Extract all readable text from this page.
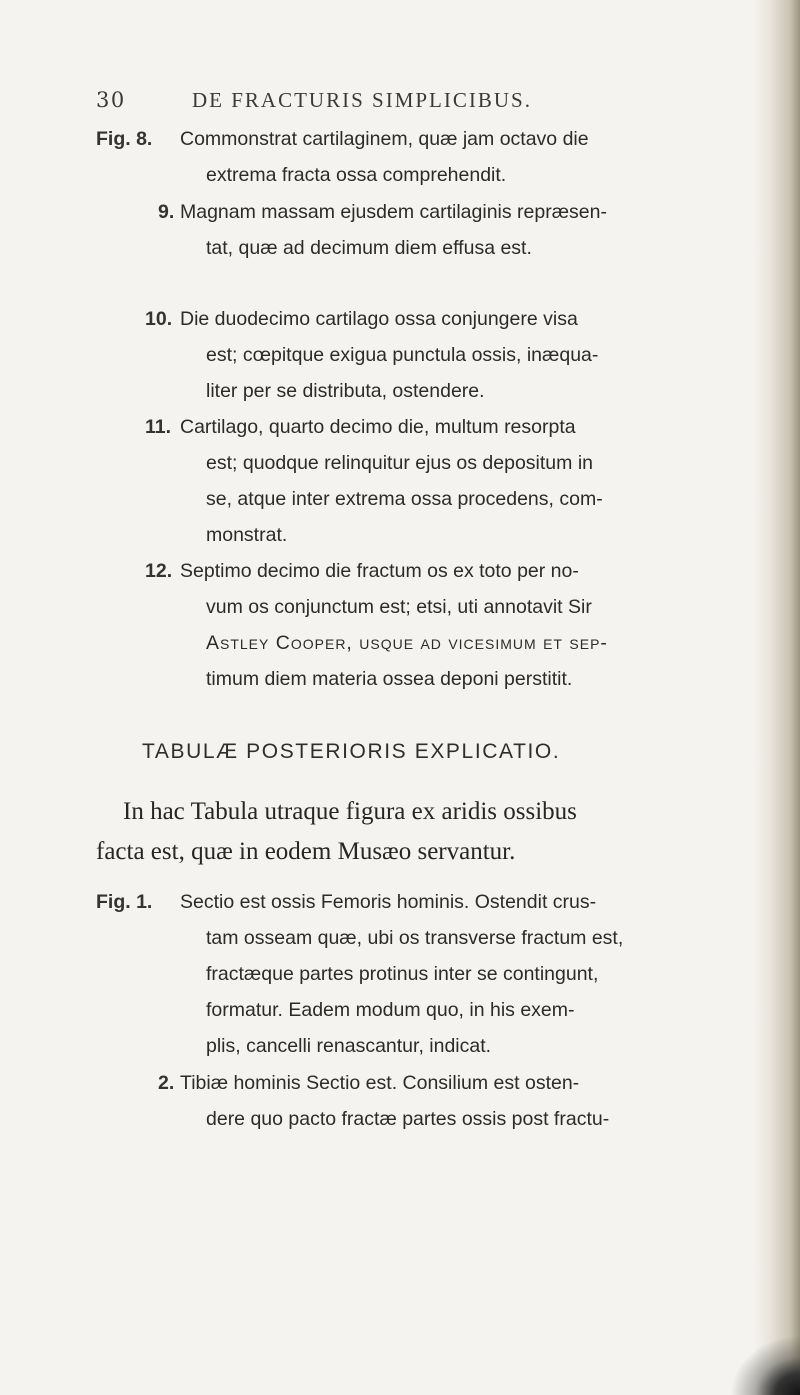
30	DE FRACTURIS SIMPLICIBUS.
Fig. 8. Commonstrat cartilaginem, quæ jam octavo die
extrema fracta ossa comprehendit.
9. Magnam massam ejusdem cartilaginis repræsen-
tat, quæ ad decimum diem effusa est.
10. Die duodecimo cartilago ossa conjungere visa
est; cœpitque exigua punctula ossis, inæqua-
liter per se distributa, ostendere.
11. Cartilago, quarto decimo die, multum resorpta
est; quodque relinquitur ejus os depositum in
se, atque inter extrema ossa procedens, com-
monstrat.
12. Septimo decimo die fractum os ex toto per no-
vum os conjunctum est; etsi, uti annotavit Sir
Astley Cooper, usque ad vicesimum et sep-
timum diem materia ossea deponi perstitit.
TABULÆ POSTERIORIS EXPLICATIO.
In hac Tabula utraque figura ex aridis ossibus
facta est, quæ in eodem Musæo servantur.
Fig. 1. Sectio est ossis Femoris hominis. Ostendit crus-
tam osseam quæ, ubi os transverse fractum est,
fractæque partes protinus inter se contingunt,
formatur. Eadem modum quo, in his exem-
plis, cancelli renascantur, indicat.
2. Tibiæ hominis Sectio est. Consilium est osten-
dere quo pacto fractæ partes ossis post fractu-
